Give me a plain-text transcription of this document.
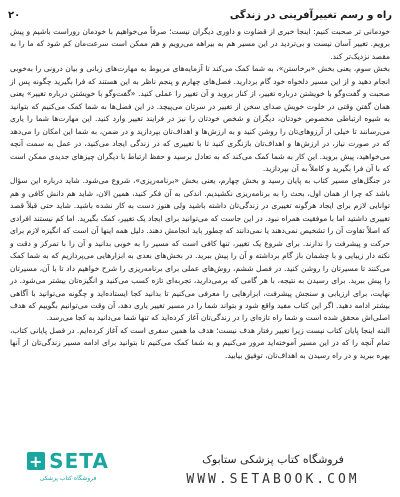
راه و رسم تغییرآفرینی در زندگی
۲۰

خودمانی تر صحبت کنیم: اینجا خبری از قضاوت و داوری دیگران نیست؛ صرفاً می‌خواهیم با خودمان روراست باشیم و پیش برویم. تغییر آسان نیست و بی‌تردید در این مسیر هم به بیراهه می‌رویم و هم ممکن است سرعت‌مان کم شود که ما را به مقصد نزدیک‌تر کند.

بخش سوم، یعنی بخش «برخاستن»، به شما کمک می‌کند تا آزمایه‌های مربوط به مهارت‌های زبانی و بیان درونی را به‌خوبی انجام دهید و از این مسیر دلخواه خود گام بردارید. فصل‌های چهارم و پنجم ناظر به این هستند که فرا بگیرید چگونه پس از صحبت و گفت‌وگو با خویشتن درباره تغییر، از کنار بروید و آن تغییر را عملی کنید. «گفت‌وگو با خویشتن درباره تغییر» یعنی همان گفتن وقتی در خلوت خویش صدای سخن از تغییر در سرتان می‌پیچد. در این فصل‌ها به شما کمک می‌کنیم که بتوانید به شیوه ارتباطی مخصوص خودتان، دیگران و شخص خودتان را نیز در فرایند تغییر وارد کنید. این مهارت‌ها شما را یاری می‌رسانند تا خیلی از آرزوهای‌تان را روشن کنید و به ارزش‌ها و اهداف‌تان بپردازید و در ضمن، به شما این امکان را می‌دهد که در صورت نیاز، در ارزش‌ها و اهداف‌تان بازنگری کنید تا با تغییری که در زندگی ایجاد می‌کنید، در عمل به سمت آنچه می‌خواهید، پیش بروید. این کار به شما کمک می‌کند که به تعادل برسید و حفظ ارتباط با دیگران چیزهای جدیدی ممکن است که با آن فرا بگیرید و کاملاً به آن بپردازید.

در جنگل‌های مسیر کتاب به پایان رسید و بخش چهارم، یعنی بخش «برنامه‌ریزی»، شروع می‌شود. شاید درباره این سؤال باشد که چرا از همان اول، بحث را به برنامه‌ریزی نکشیدیم. اندکی به آن فکر کنید، همین الان، شاید هم دانش کافی و هم توانایی لازم برای ایجاد هرگونه تغییری در زندگی‌تان داشته باشید ولی هنوز دست به کار نشده باشید. شاید حتی قبلاً قصد تغییری داشتید اما با موفقیت همراه نبود. در این جاست که می‌توانید برای ایجاد یک تغییر، کمک بگیرید. اما کم نیستند افرادی که اصلاً تفاوت آن را تشخیص نمی‌دهند یا نمی‌دانند که چطور باید انجامش دهند. دلیل همه اینها آن است که انگیزه لازم برای حرکت و پیشرفت را ندارند. برای شروع یک تغییر، تنها کافی است که مسیر را به خوبی بدانید و آن را با تمرکز و دقت و نکته دار زیبایی و با چشمان باز گام برداشته و آن را پیش ببرید. در بخش‌های بعدی به ابزارهایی می‌پردازیم که به شما کمک می‌کنند تا مسیرتان را روشن کنید. در فصل ششم، روش‌های عملی برای برنامه‌ریزی را شرح خواهیم داد تا با آن، مسیرتان را پیش ببرید. برای رسیدن به نتیجه، با هر گامی که برمی‌دارید، تجربه‌ای تازه کسب می‌کنید و انگیزه‌تان بیشتر می‌شود. در نهایت، برای ارزیابی و سنجش پیشرفت، ابزارهایی را معرفی می‌کنیم تا بدانید کجا ایستاده‌اید و چگونه می‌توانید با آگاهی بیشتر ادامه دهید. اگر این کتاب مفید واقع شود و بتواند شما را در مسیر تغییر یاری دهد، آن وقت می‌توانیم بگوییم که هدف اصلی‌اش محقق شده است و شما راه تازه‌ای را در زندگی‌تان آغاز کرده‌اید که تنها شما می‌دانید به کجا می‌رسد.

البته اینجا پایان کتاب نیست زیرا تغییر رفتار هدف نیست؛ هدف ما همین سفری است که آغاز کرده‌ایم. در فصل پایانی کتاب، تمام آنچه را که در این مسیر آموخته‌اید مرور می‌کنیم و به شما کمک می‌کنیم تا بتوانید برای ادامه مسیر زندگی‌تان از آنها بهره ببرید و در راه رسیدن به اهداف‌تان، توفیق بیابید.

+ SETA
فروشگاه کتاب پزشکی
فروشگاه کتاب پزشکی ستابوک
WWW.SETABOOK.COM
